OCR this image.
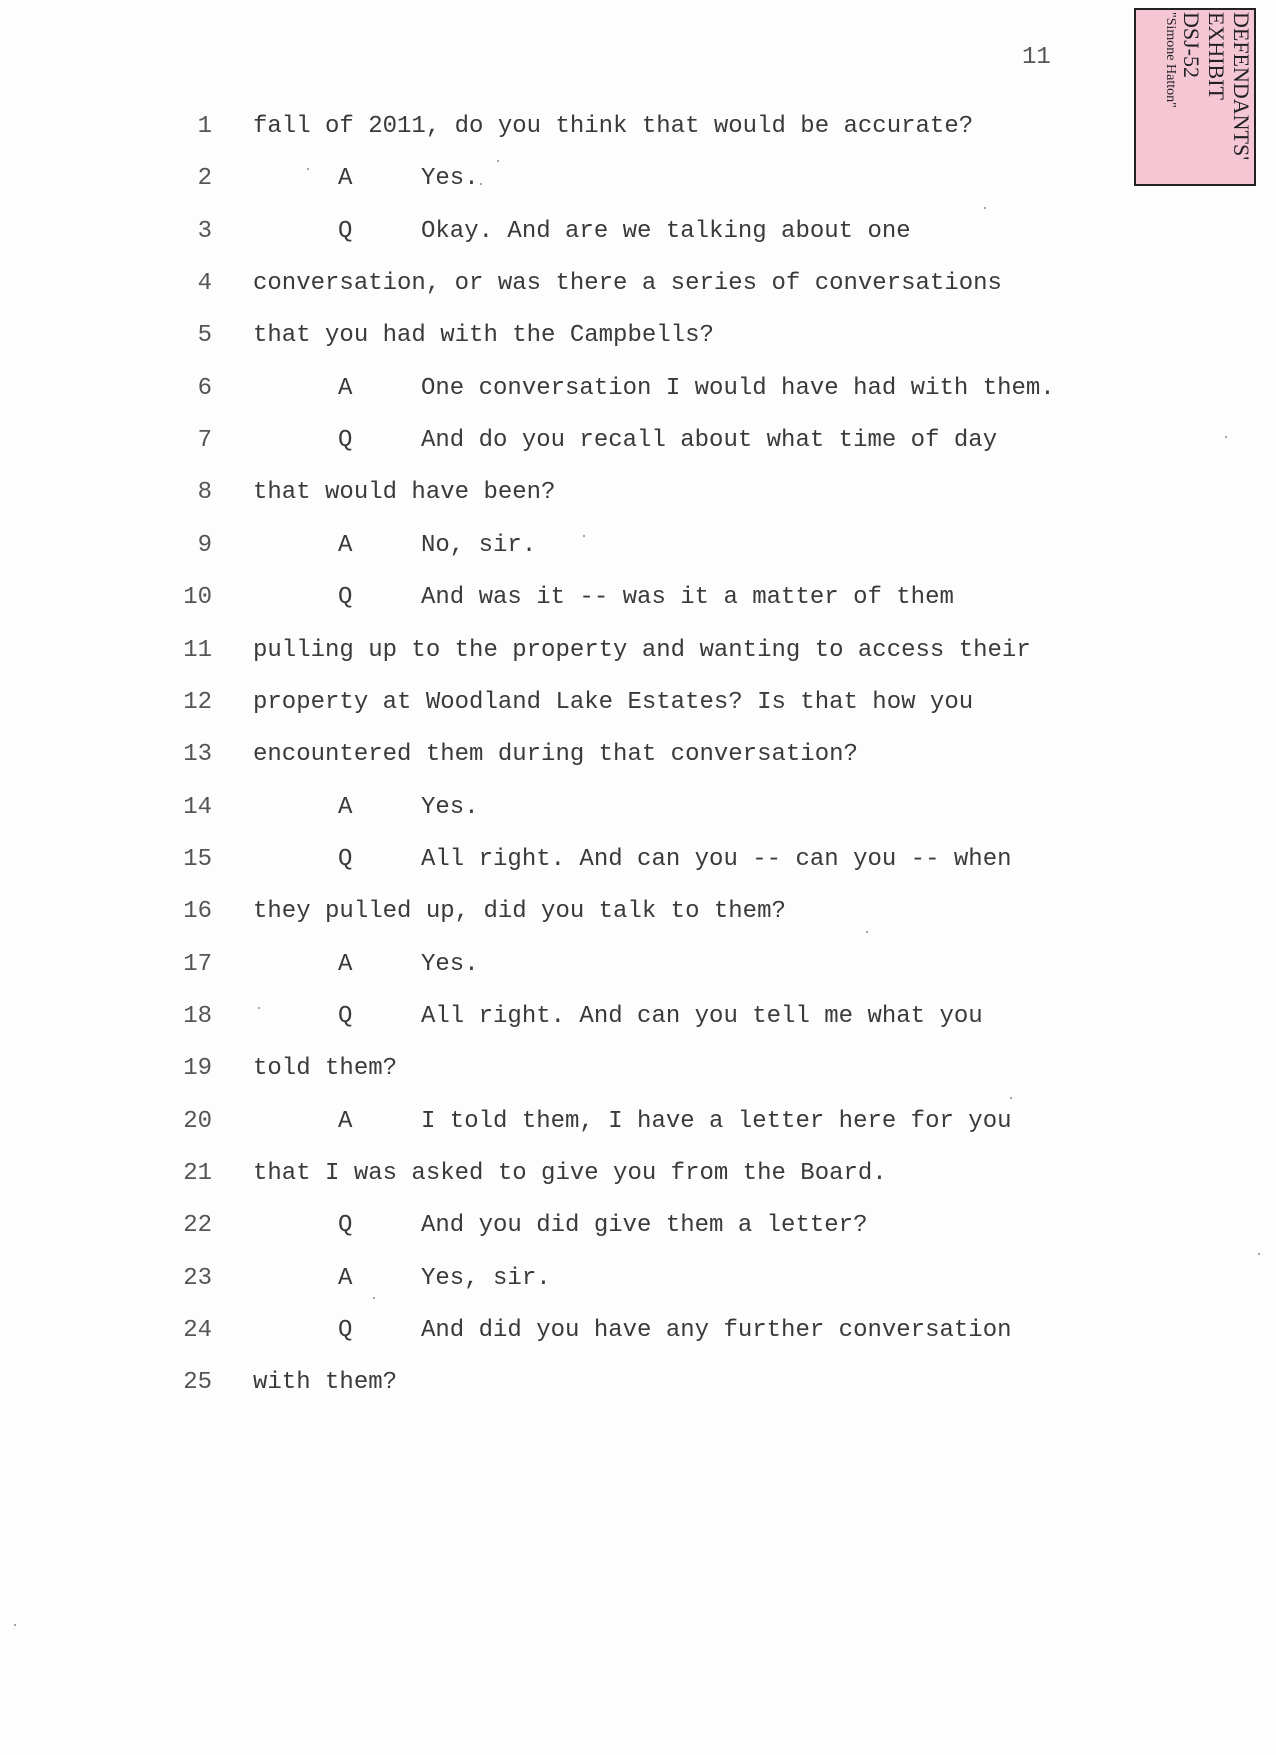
11	DEFENDANTS'
EXHIBIT
DSJ-52
"Simone Hatton"
1 fall of 2011, do you think that would be accurate?
2	A	Yes.
3	Q	Okay. And are we talking about one
4 conversation, or was there a series of conversations
5 that you had with the Campbells?
6	A	One conversation I would have had with them.
7	Q	And do you recall about what time of day
8 that would have been?
9	A	No, sir.
10	Q	And was it -- was it a matter of them
11 pulling up to the property and wanting to access their
12 property at Woodland Lake Estates? Is that how you
13 encountered them during that conversation?
14	A	Yes.
15	Q	All right. And can you -- can you -- when
16 they pulled up, did you talk to them?
17	A	Yes.
18	Q	All right. And can you tell me what you
19 told them?
20	A	I told them, I have a letter here for you
21 that I was asked to give you from the Board.
22	Q	And you did give them a letter?
23	A	Yes, sir.
24	Q	And did you have any further conversation
25 with them?
